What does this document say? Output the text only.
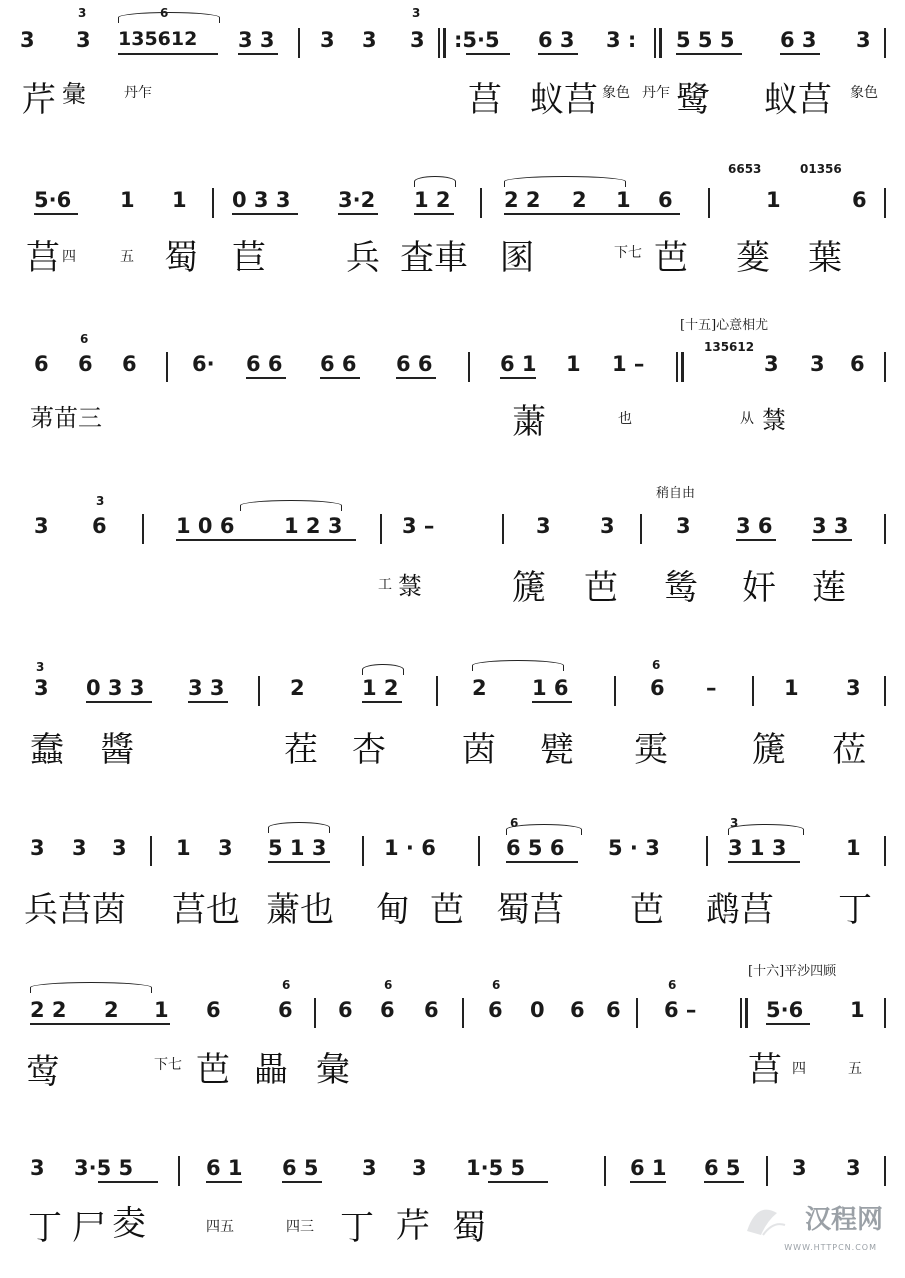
3
3 3
6
135612 3 3 3 3
3
3 :5·5 6 3 3 : 5 5 5 6 3 3
芹 彙	丹乍	莒 蚁莒 象色 丹乍 鹭 蚁莒 象色
5·6 1 1 0 3 3 3·2 1 2	2 2 2 1 6
6653
1
01356
6
莒 四	五 蜀 苣 兵 査車 圂	下七 芭 蓌 葉
[十五]心意相尤
6
6 6 6	6· 6 6 6 6 6 6	6 1 1 1 –
135612
3 3 6
苐苗三	䔥	也	从 㯟
稍自由
3
3 6	1 0 6 1 2 3	3 –	3 3	3 3 6 3 3
工 㯟	篪 芭 鸶 奸 莲
3
3 0 3 3 3 3	2	1 2	2 1 6
6
6 –	1 3
蠢 醬	茬 杏 茵 甓 雵 篪 莅
3 3 3 1 3 5 1 3	1 · 6
6
6 5 6 5 · 3
3
3 1 3	1
兵莒茵 莒也 䔥也 甸 芭 蜀莒 芭 鹉莒 丁
[十六]平沙四顾
2 2 2 1 6
6
6 6
6
6 6
6
6 0 6 6
6
6 –	5·6 1
莺	下七 芭 畾 彙	莒 四	五
3 3·5 5	6 1 6 5 3 3 1·5 5	6 1 6 5 3 3
丁 尸 夌	四五	四三 丁 芹 蜀	汉程网
WWW.HTTPCN.COM
